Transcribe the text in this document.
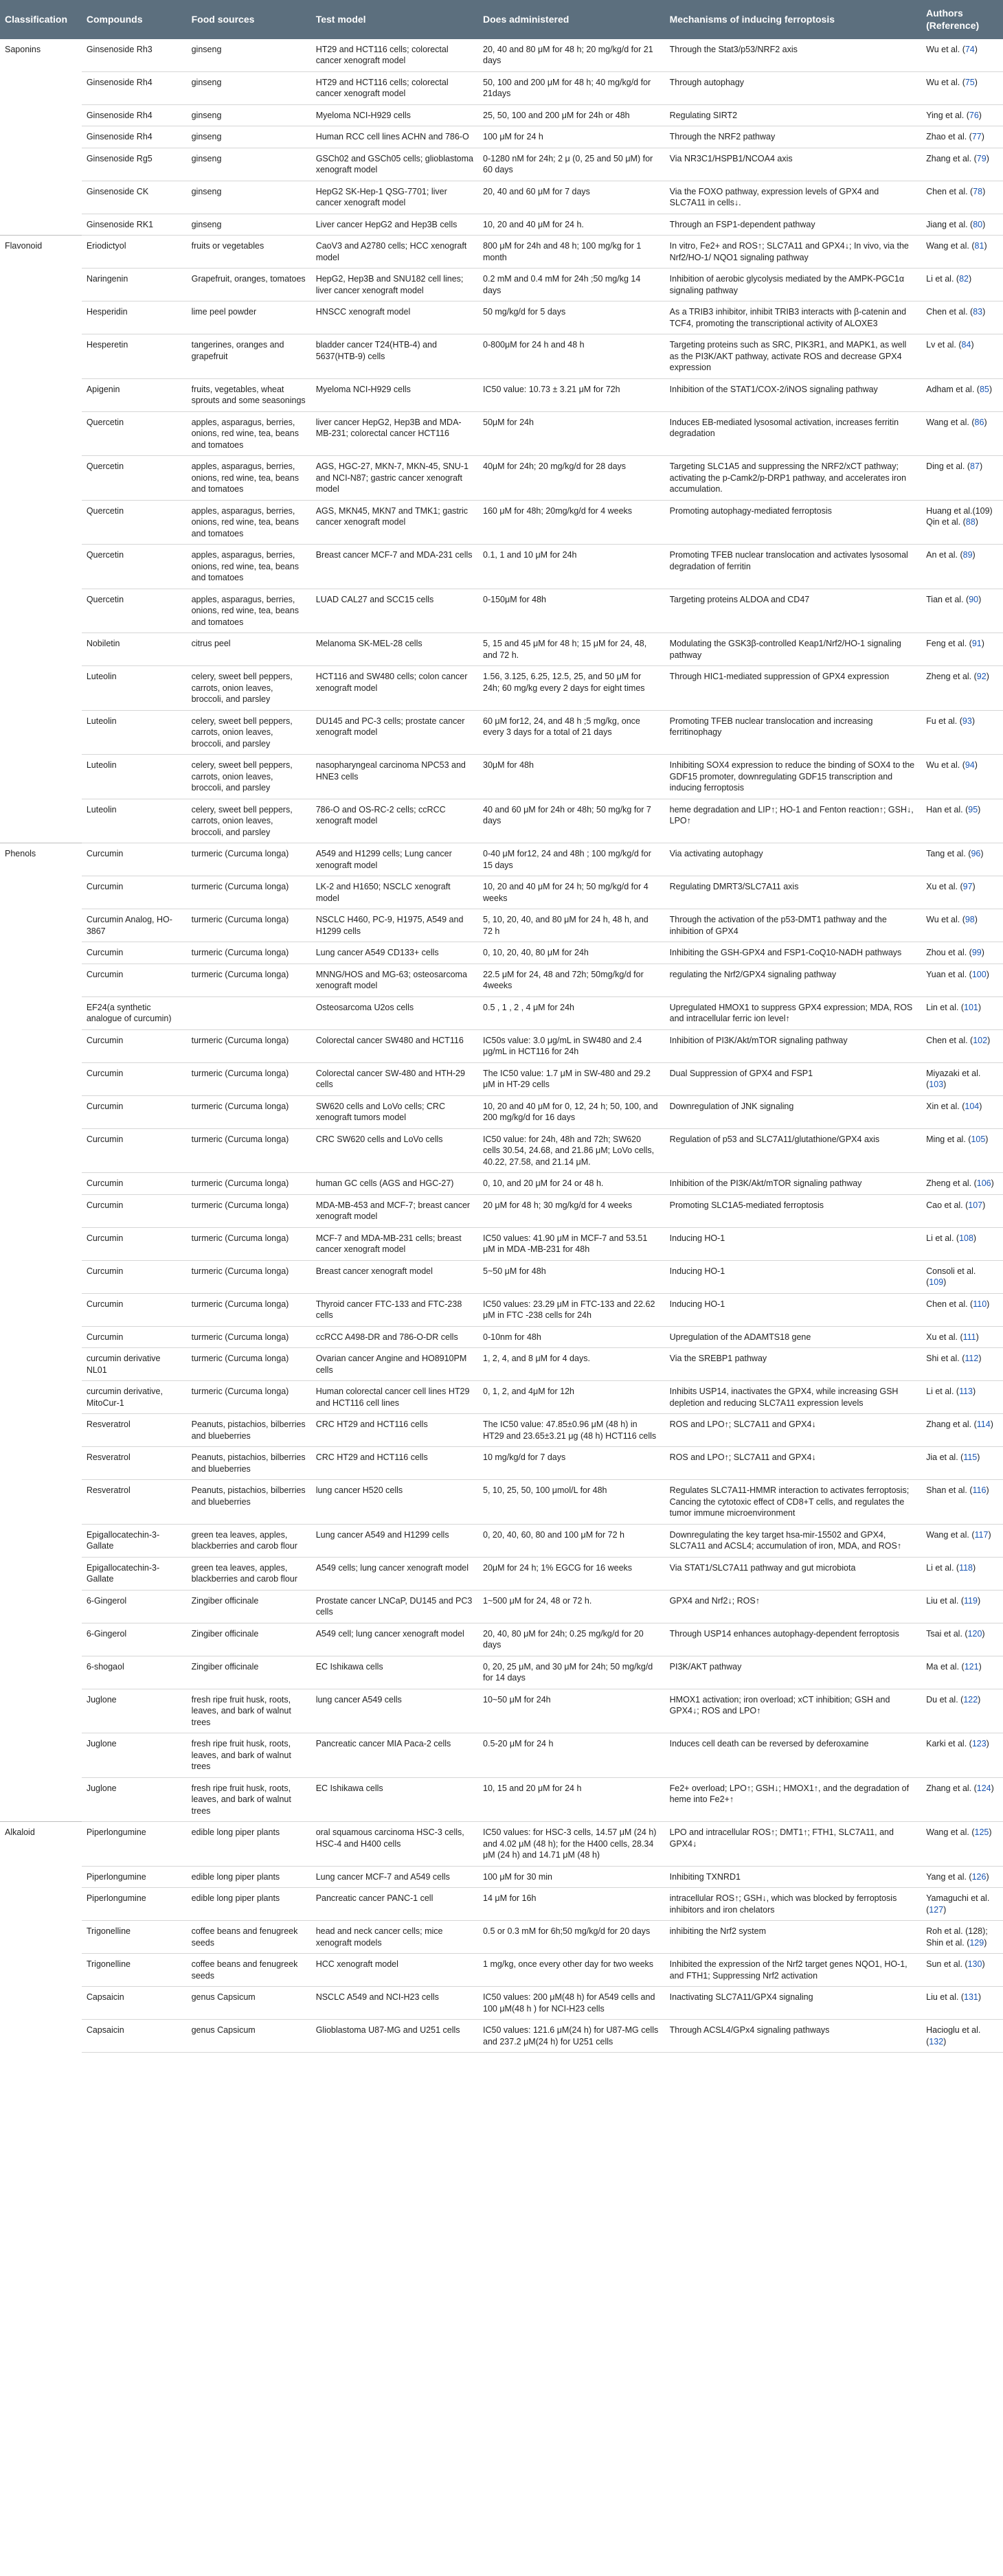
Classification	Compounds	Food sources	Test model	Does administered	Mechanisms of inducing ferroptosis	Authors (Reference)
Saponins	Ginsenoside Rh3	ginseng	HT29 and HCT116 cells; colorectal cancer xenograft model	20, 40 and 80 μM for 48 h; 20 mg/kg/d for 21 days	Through the Stat3/p53/NRF2 axis	Wu et al. (74)
	Ginsenoside Rh4	ginseng	HT29 and HCT116 cells; colorectal cancer xenograft model	50, 100 and 200 μM for 48 h; 40 mg/kg/d for 21days	Through autophagy	Wu et al. (75)
	Ginsenoside Rh4	ginseng	Myeloma NCI-H929 cells	25, 50, 100 and 200 μM for 24h or 48h	Regulating SIRT2	Ying et al. (76)
	Ginsenoside Rh4	ginseng	Human RCC cell lines ACHN and 786-O	100 μM for 24 h	Through the NRF2 pathway	Zhao et al. (77)
	Ginsenoside Rg5	ginseng	GSCh02 and GSCh05 cells; glioblastoma xenograft model	0-1280 nM for 24h; 2 μ (0, 25 and 50 μM) for 60 days	Via NR3C1/HSPB1/NCOA4 axis	Zhang et al. (79)
	Ginsenoside CK	ginseng	HepG2 SK-Hep-1 QSG-7701; liver cancer xenograft model	20, 40 and 60 μM for 7 days	Via the FOXO pathway, expression levels of GPX4 and SLC7A11 in cells↓.	Chen et al. (78)
	Ginsenoside RK1	ginseng	Liver cancer HepG2 and Hep3B cells	10, 20 and 40 μM for 24 h.	Through an FSP1-dependent pathway	Jiang et al. (80)
Flavonoid	Eriodictyol	fruits or vegetables	CaoV3 and A2780 cells; HCC xenograft model	800 μM for 24h and 48 h; 100 mg/kg for 1 month	In vitro, Fe2+ and ROS↑; SLC7A11 and GPX4↓; In vivo, via the Nrf2/HO-1/ NQO1 signaling pathway	Wang et al. (81)
	Naringenin	Grapefruit, oranges, tomatoes	HepG2, Hep3B and SNU182 cell lines; liver cancer xenograft model	0.2 mM and 0.4 mM for 24h ;50 mg/kg 14 days	Inhibition of aerobic glycolysis mediated by the AMPK-PGC1α signaling pathway	Li et al. (82)
	Hesperidin	lime peel powder	HNSCC xenograft model	50 mg/kg/d for 5 days	As a TRIB3 inhibitor, inhibit TRIB3 interacts with β-catenin and TCF4, promoting the transcriptional activity of ALOXE3	Chen et al. (83)
	Hesperetin	tangerines, oranges and grapefruit	bladder cancer T24(HTB-4) and 5637(HTB-9) cells	0-800μM for 24 h and 48 h	Targeting proteins such as SRC, PIK3R1, and MAPK1, as well as the PI3K/AKT pathway, activate ROS and decrease GPX4 expression	Lv et al. (84)
	Apigenin	fruits, vegetables, wheat sprouts and some seasonings	Myeloma NCI-H929 cells	IC50 value: 10.73 ± 3.21 μM for 72h	Inhibition of the STAT1/COX-2/iNOS signaling pathway	Adham et al. (85)
	Quercetin	apples, asparagus, berries, onions, red wine, tea, beans and tomatoes	liver cancer HepG2, Hep3B and MDA-MB-231; colorectal cancer HCT116	50μM for 24h	Induces EB-mediated lysosomal activation, increases ferritin degradation	Wang et al. (86)
	Quercetin	apples, asparagus, berries, onions, red wine, tea, beans and tomatoes	AGS, HGC-27, MKN-7, MKN-45, SNU-1 and NCI-N87; gastric cancer xenograft model	40μM for 24h; 20 mg/kg/d for 28 days	Targeting SLC1A5 and suppressing the NRF2/xCT pathway; activating the p-Camk2/p-DRP1 pathway, and accelerates iron accumulation.	Ding et al. (87)
	Quercetin	apples, asparagus, berries, onions, red wine, tea, beans and tomatoes	AGS, MKN45, MKN7 and TMK1; gastric cancer xenograft model	160 μM for 48h; 20mg/kg/d for 4 weeks	Promoting autophagy-mediated ferroptosis	Huang et al.(109) Qin et al. (88)
	Quercetin	apples, asparagus, berries, onions, red wine, tea, beans and tomatoes	Breast cancer MCF-7 and MDA-231 cells	0.1, 1 and 10 μM for 24h	Promoting TFEB nuclear translocation and activates lysosomal degradation of ferritin	An et al. (89)
	Quercetin	apples, asparagus, berries, onions, red wine, tea, beans and tomatoes	LUAD CAL27 and SCC15 cells	0-150μM for 48h	Targeting proteins ALDOA and CD47	Tian et al. (90)
	Nobiletin	citrus peel	Melanoma SK-MEL-28 cells	5, 15 and 45 μM for 48 h; 15 μM for 24, 48, and 72 h.	Modulating the GSK3β-controlled Keap1/Nrf2/HO-1 signaling pathway	Feng et al. (91)
	Luteolin	celery, sweet bell peppers, carrots, onion leaves, broccoli, and parsley	HCT116 and SW480 cells; colon cancer xenograft model	1.56, 3.125, 6.25, 12.5, 25, and 50 μM for 24h; 60 mg/kg every 2 days for eight times	Through HIC1-mediated suppression of GPX4 expression	Zheng et al. (92)
	Luteolin	celery, sweet bell peppers, carrots, onion leaves, broccoli, and parsley	DU145 and PC-3 cells; prostate cancer xenograft model	60 μM for12, 24, and 48 h ;5 mg/kg, once every 3 days for a total of 21 days	Promoting TFEB nuclear translocation and increasing ferritinophagy	Fu et al. (93)
	Luteolin	celery, sweet bell peppers, carrots, onion leaves, broccoli, and parsley	nasopharyngeal carcinoma NPC53 and HNE3 cells	30μM for 48h	Inhibiting SOX4 expression to reduce the binding of SOX4 to the GDF15 promoter, downregulating GDF15 transcription and inducing ferroptosis	Wu et al. (94)
	Luteolin	celery, sweet bell peppers, carrots, onion leaves, broccoli, and parsley	786-O and OS-RC-2 cells; ccRCC xenograft model	40 and 60 μM for 24h or 48h; 50 mg/kg for 7 days	heme degradation and LIP↑; HO-1 and Fenton reaction↑; GSH↓, LPO↑	Han et al. (95)
Phenols	Curcumin	turmeric (Curcuma longa)	A549 and H1299 cells; Lung cancer xenograft model	0-40 μM for12, 24 and 48h ; 100 mg/kg/d for 15 days	Via activating autophagy	Tang et al. (96)
	Curcumin	turmeric (Curcuma longa)	LK-2 and H1650; NSCLC xenograft model	10, 20 and 40 μM for 24 h; 50 mg/kg/d for 4 weeks	Regulating DMRT3/SLC7A11 axis	Xu et al. (97)
	Curcumin Analog, HO-3867	turmeric (Curcuma longa)	NSCLC H460, PC-9, H1975, A549 and H1299 cells	5, 10, 20, 40, and 80 μM for 24 h, 48 h, and 72 h	Through the activation of the p53-DMT1 pathway and the inhibition of GPX4	Wu et al. (98)
	Curcumin	turmeric (Curcuma longa)	Lung cancer A549 CD133+ cells	0, 10, 20, 40, 80 μM for 24h	Inhibiting the GSH-GPX4 and FSP1-CoQ10-NADH pathways	Zhou et al. (99)
	Curcumin	turmeric (Curcuma longa)	MNNG/HOS and MG-63; osteosarcoma xenograft model	22.5 μM for 24, 48 and 72h; 50mg/kg/d for 4weeks	regulating the Nrf2/GPX4 signaling pathway	Yuan et al. (100)
	EF24(a synthetic analogue of curcumin)		Osteosarcoma U2os cells	0.5 , 1 , 2 , 4 μM for 24h	Upregulated HMOX1 to suppress GPX4 expression; MDA, ROS and intracellular ferric ion level↑	Lin et al. (101)
	Curcumin	turmeric (Curcuma longa)	Colorectal cancer SW480 and HCT116	IC50s value: 3.0 μg/mL in SW480 and 2.4 μg/mL in HCT116 for 24h	Inhibition of PI3K/Akt/mTOR signaling pathway	Chen et al. (102)
	Curcumin	turmeric (Curcuma longa)	Colorectal cancer SW-480 and HTH-29 cells	The IC50 value: 1.7 μM in SW-480 and 29.2 μM in HT-29 cells	Dual Suppression of GPX4 and FSP1	Miyazaki et al. (103)
	Curcumin	turmeric (Curcuma longa)	SW620 cells and LoVo cells; CRC xenograft tumors model	10, 20 and 40 μM for 0, 12, 24 h; 50, 100, and 200 mg/kg/d for 16 days	Downregulation of JNK signaling	Xin et al. (104)
	Curcumin	turmeric (Curcuma longa)	CRC SW620 cells and LoVo cells	IC50 value: for 24h, 48h and 72h; SW620 cells 30.54, 24.68, and 21.86 μM; LoVo cells, 40.22, 27.58, and 21.14 μM.	Regulation of p53 and SLC7A11/glutathione/GPX4 axis	Ming et al. (105)
	Curcumin	turmeric (Curcuma longa)	human GC cells (AGS and HGC-27)	0, 10, and 20 μM for 24 or 48 h.	Inhibition of the PI3K/Akt/mTOR signaling pathway	Zheng et al. (106)
	Curcumin	turmeric (Curcuma longa)	MDA-MB-453 and MCF-7; breast cancer xenograft model	20 μM for 48 h; 30 mg/kg/d for 4 weeks	Promoting SLC1A5-mediated ferroptosis	Cao et al. (107)
	Curcumin	turmeric (Curcuma longa)	MCF-7 and MDA-MB-231 cells; breast cancer xenograft model	IC50 values: 41.90 μM in MCF-7 and 53.51 μM in MDA -MB-231 for 48h	Inducing HO-1	Li et al. (108)
	Curcumin	turmeric (Curcuma longa)	Breast cancer xenograft model	5~50 μM for 48h	Inducing HO-1	Consoli et al. (109)
	Curcumin	turmeric (Curcuma longa)	Thyroid cancer FTC-133 and FTC-238 cells	IC50 values: 23.29 μM in FTC-133 and 22.62 μM in FTC -238 cells for 24h	Inducing HO-1	Chen et al. (110)
	Curcumin	turmeric (Curcuma longa)	ccRCC A498-DR and 786-O-DR cells	0-10nm for 48h	Upregulation of the ADAMTS18 gene	Xu et al. (111)
	curcumin derivative NL01	turmeric (Curcuma longa)	Ovarian cancer Angine and HO8910PM cells	1, 2, 4, and 8 μM for 4 days.	Via the SREBP1 pathway	Shi et al. (112)
	curcumin derivative, MitoCur-1	turmeric (Curcuma longa)	Human colorectal cancer cell lines HT29 and HCT116 cell lines	0, 1, 2, and 4μM for 12h	Inhibits USP14, inactivates the GPX4, while increasing GSH depletion and reducing SLC7A11 expression levels	Li et al. (113)
	Resveratrol	Peanuts, pistachios, bilberries and blueberries	CRC HT29 and HCT116 cells	The IC50 value: 47.85±0.96 μM (48 h) in HT29 and 23.65±3.21 μg (48 h) HCT116 cells	ROS and LPO↑; SLC7A11 and GPX4↓	Zhang et al. (114)
	Resveratrol	Peanuts, pistachios, bilberries and blueberries	CRC HT29 and HCT116 cells	10 mg/kg/d for 7 days	ROS and LPO↑; SLC7A11 and GPX4↓	Jia et al. (115)
	Resveratrol	Peanuts, pistachios, bilberries and blueberries	lung cancer H520 cells	5, 10, 25, 50, 100 μmol/L for 48h	Regulates SLC7A11-HMMR interaction to activates ferroptosis; Cancing the cytotoxic effect of CD8+T cells, and regulates the tumor immune microenvironment	Shan et al. (116)
	Epigallocatechin-3-Gallate	green tea leaves, apples, blackberries and carob flour	Lung cancer A549 and H1299 cells	0, 20, 40, 60, 80 and 100 μM for 72 h	Downregulating the key target hsa-mir-15502 and GPX4, SLC7A11 and ACSL4; accumulation of iron, MDA, and ROS↑	Wang et al. (117)
	Epigallocatechin-3-Gallate	green tea leaves, apples, blackberries and carob flour	A549 cells; lung cancer xenograft model	20μM for 24 h; 1% EGCG for 16 weeks	Via STAT1/SLC7A11 pathway and gut microbiota	Li et al. (118)
	6-Gingerol	Zingiber officinale	Prostate cancer LNCaP, DU145 and PC3 cells	1~500 μM for 24, 48 or 72 h.	GPX4 and Nrf2↓; ROS↑	Liu et al. (119)
	6-Gingerol	Zingiber officinale	A549 cell; lung cancer xenograft model	20, 40, 80 μM for 24h; 0.25 mg/kg/d for 20 days	Through USP14 enhances autophagy-dependent ferroptosis	Tsai et al. (120)
	6-shogaol	Zingiber officinale	EC Ishikawa cells	0, 20, 25 μM, and 30 μM for 24h; 50 mg/kg/d for 14 days	PI3K/AKT pathway	Ma et al. (121)
	Juglone	fresh ripe fruit husk, roots, leaves, and bark of walnut trees	lung cancer A549 cells	10~50 μM for 24h	HMOX1 activation; iron overload; xCT inhibition; GSH and GPX4↓; ROS and LPO↑	Du et al. (122)
	Juglone	fresh ripe fruit husk, roots, leaves, and bark of walnut trees	Pancreatic cancer MIA Paca-2 cells	0.5-20 μM for 24 h	Induces cell death can be reversed by deferoxamine	Karki et al. (123)
	Juglone	fresh ripe fruit husk, roots, leaves, and bark of walnut trees	EC Ishikawa cells	10, 15 and 20 μM for 24 h	Fe2+ overload; LPO↑; GSH↓; HMOX1↑, and the degradation of heme into Fe2+↑	Zhang et al. (124)
Alkaloid	Piperlongumine	edible long piper plants	oral squamous carcinoma HSC-3 cells, HSC-4 and H400 cells	IC50 values: for HSC-3 cells, 14.57 μM (24 h) and 4.02 μM (48 h); for the H400 cells, 28.34 μM (24 h) and 14.71 μM (48 h)	LPO and intracellular ROS↑; DMT1↑; FTH1, SLC7A11, and GPX4↓	Wang et al. (125)
	Piperlongumine	edible long piper plants	Lung cancer MCF-7 and A549 cells	100 μM for 30 min	Inhibiting TXNRD1	Yang et al. (126)
	Piperlongumine	edible long piper plants	Pancreatic cancer PANC-1 cell	14 μM for 16h	intracellular ROS↑; GSH↓, which was blocked by ferroptosis inhibitors and iron chelators	Yamaguchi et al. (127)
	Trigonelline	coffee beans and fenugreek seeds	head and neck cancer cells; mice xenograft models	0.5 or 0.3 mM for 6h;50 mg/kg/d for 20 days	inhibiting the Nrf2 system	Roh et al. (128); Shin et al. (129)
	Trigonelline	coffee beans and fenugreek seeds	HCC xenograft model	1 mg/kg, once every other day for two weeks	Inhibited the expression of the Nrf2 target genes NQO1, HO-1, and FTH1; Suppressing Nrf2 activation	Sun et al. (130)
	Capsaicin	genus Capsicum	NSCLC A549 and NCI-H23 cells	IC50 values: 200 μM(48 h) for A549 cells and 100 μM(48 h ) for NCI-H23 cells	Inactivating SLC7A11/GPX4 signaling	Liu et al. (131)
	Capsaicin	genus Capsicum	Glioblastoma U87-MG and U251 cells	IC50 values: 121.6 μM(24 h) for U87-MG cells and 237.2 μM(24 h) for U251 cells	Through ACSL4/GPx4 signaling pathways	Hacioglu et al. (132)
